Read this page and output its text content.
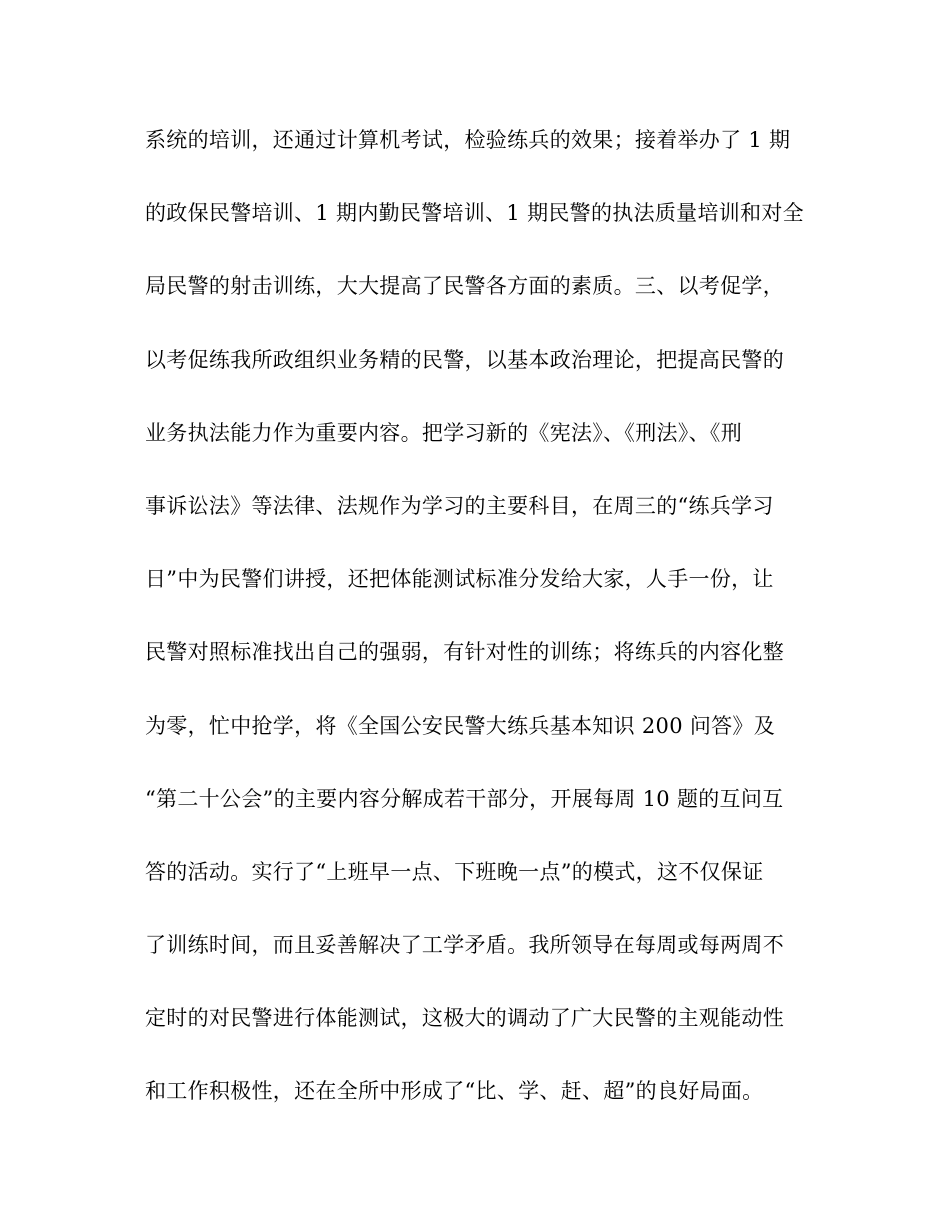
系统的培训，还通过计算机考试，检验练兵的效果；接着举办了 1 期
的政保民警培训、1 期内勤民警培训、1 期民警的执法质量培训和对全
局民警的射击训练，大大提高了民警各方面的素质。三、以考促学，
以考促练我所政组织业务精的民警，以基本政治理论，把提高民警的
业务执法能力作为重要内容。把学习新的《宪法》、《刑法》、《刑
事诉讼法》等法律、法规作为学习的主要科目，在周三的“练兵学习
日”中为民警们讲授，还把体能测试标准分发给大家，人手一份，让
民警对照标准找出自己的强弱，有针对性的训练；将练兵的内容化整
为零，忙中抢学，将《全国公安民警大练兵基本知识 200 问答》及
“第二十公会”的主要内容分解成若干部分，开展每周 10 题的互问互
答的活动。实行了“上班早一点、下班晚一点”的模式，这不仅保证
了训练时间，而且妥善解决了工学矛盾。我所领导在每周或每两周不
定时的对民警进行体能测试，这极大的调动了广大民警的主观能动性
和工作积极性，还在全所中形成了“比、学、赶、超”的良好局面。
